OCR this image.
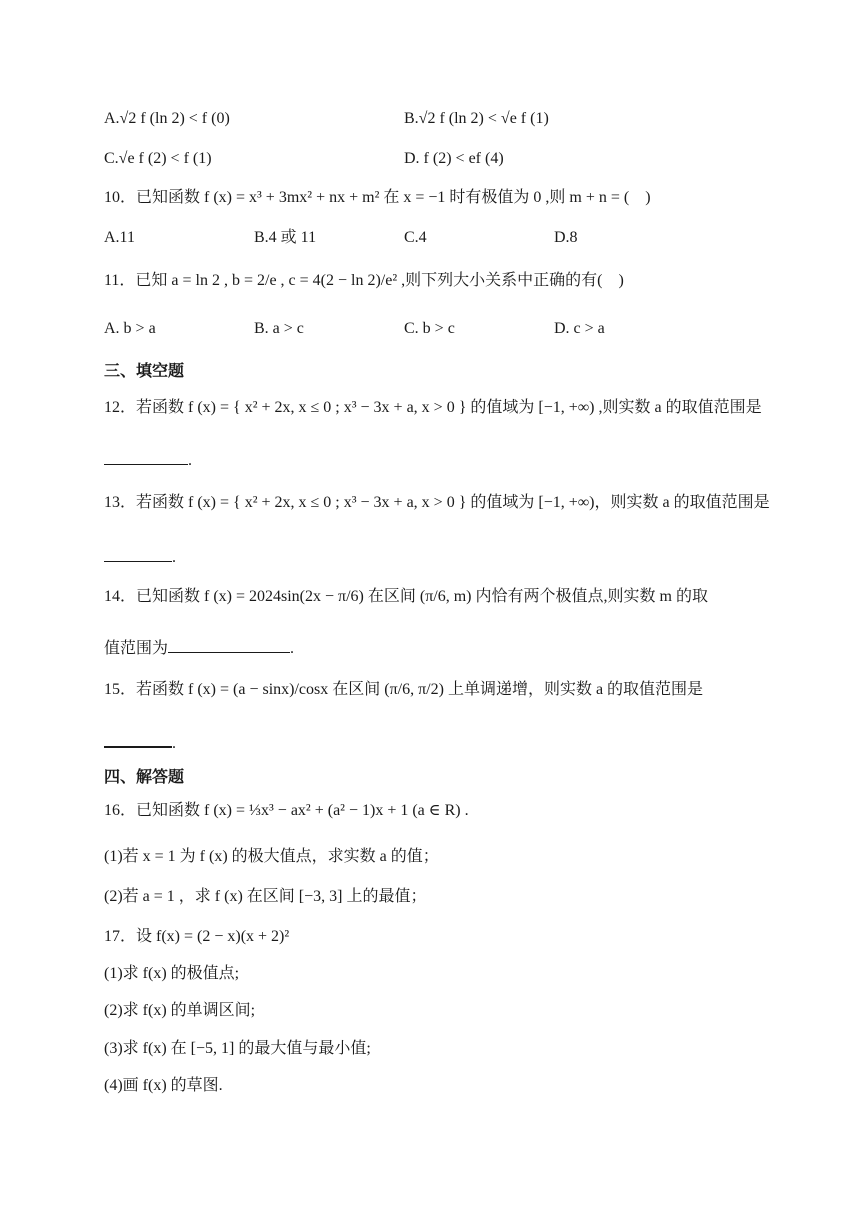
A.√2 f (ln 2) < f (0)	B.√2 f (ln 2) < √e f (1)
C.√e f (2) < f (1)	D. f (2) < ef (4)
10．已知函数 f (x) = x³ + 3mx² + nx + m² 在 x = −1 时有极值为 0 ,则 m + n = (　)
A.11	B.4 或 11	C.4	D.8
11．已知 a = ln 2 , b = 2/e , c = 4(2 − ln 2)/e² ,则下列大小关系中正确的有(　)
A. b > a	B. a > c	C. b > c	D. c > a
三、填空题
12．若函数 f (x) = { x² + 2x, x ≤ 0 ; x³ − 3x + a, x > 0 } 的值域为 [−1, +∞) ,则实数 a 的取值范围是
.
13．若函数 f (x) = { x² + 2x, x ≤ 0 ; x³ − 3x + a, x > 0 } 的值域为 [−1, +∞)，则实数 a 的取值范围是
.
14．已知函数 f (x) = 2024sin(2x − π/6) 在区间 (π/6, m) 内恰有两个极值点,则实数 m 的取
值范围为	.
15．若函数 f (x) = (a − sinx)/cosx 在区间 (π/6, π/2) 上单调递增，则实数 a 的取值范围是
.
四、解答题
16．已知函数 f (x) = ⅓x³ − ax² + (a² − 1)x + 1 (a ∈ R) .
(1)若 x = 1 为 f (x) 的极大值点，求实数 a 的值；
(2)若 a = 1 ，求 f (x) 在区间 [−3, 3] 上的最值；
17．设 f(x) = (2 − x)(x + 2)²
(1)求 f(x) 的极值点;
(2)求 f(x) 的单调区间;
(3)求 f(x) 在 [−5, 1] 的最大值与最小值;
(4)画 f(x) 的草图.
